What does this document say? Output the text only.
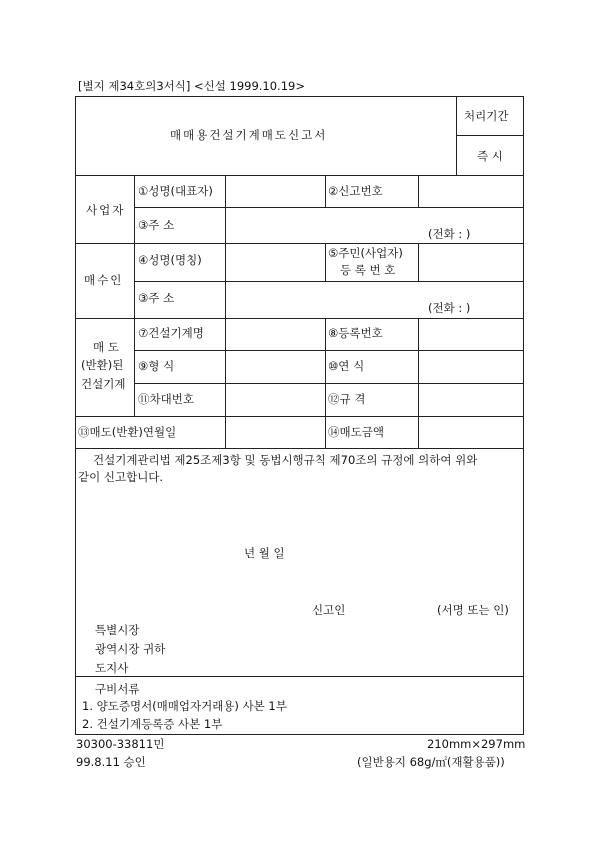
[별지 제34호의3서식] <신설 1999.10.19>
매매용건설기계매도신고서
처리기간
즉 시
사업자
①성명(대표자)	②신고번호
③주 소
(전화 : )
매수인
④성명(명칭)	⑤주민(사업자)
등 록 번 호
③주 소
(전화 : )
매 도
(반환)된
건설기계
⑦건설기계명	⑧등록번호
⑨형 식	⑩연 식
⑪차대번호	⑫규 격
⑬매도(반환)연월일	⑭매도금액
건설기계관리법 제25조제3항 및 동법시행규칙 제70조의 규정에 의하여 위와
같이 신고합니다.
년 월 일
신고인	(서명 또는 인)
특별시장
광역시장 귀하
도지사
구비서류
1. 양도증명서(매매업자거래용) 사본 1부
2. 건설기계등록증 사본 1부
30300-33811민	210mm×297mm
99.8.11 승인	(일반용지 68g/㎡(재활용품))
